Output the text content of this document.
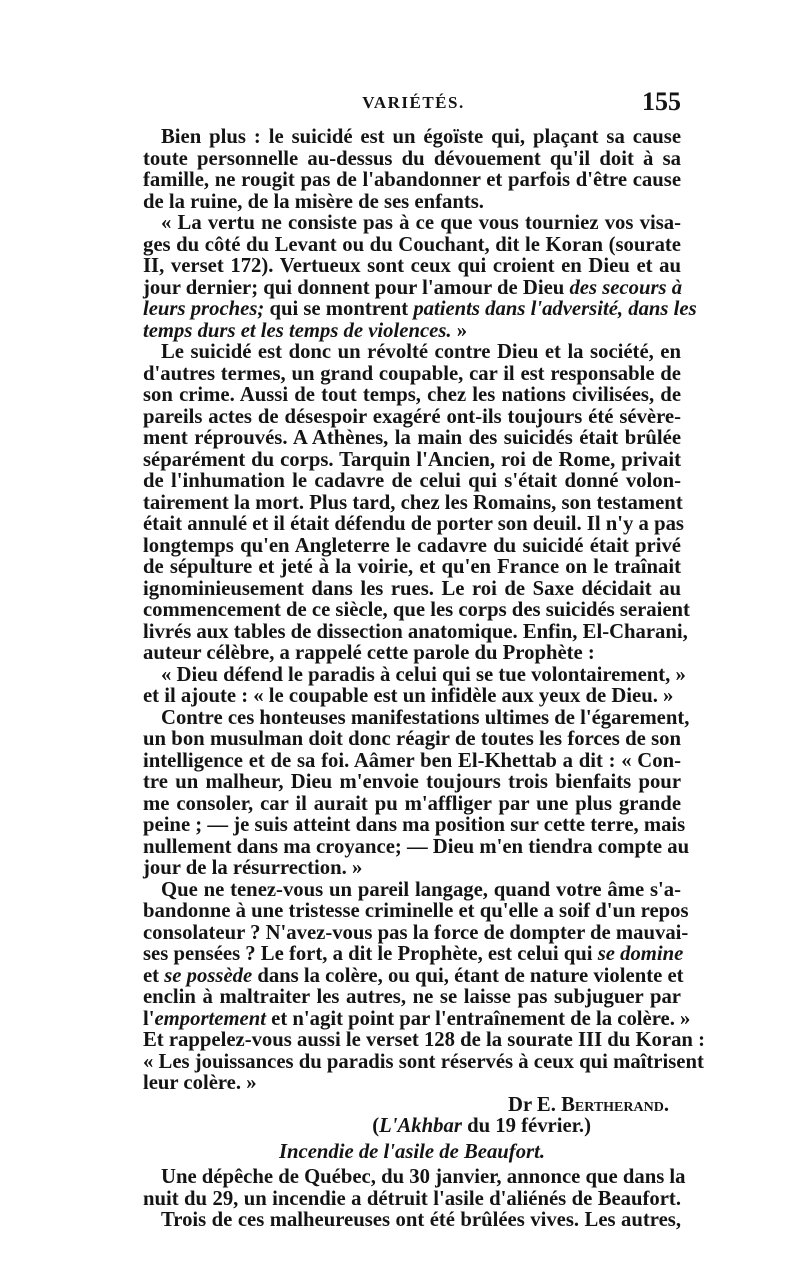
VARIÉTÉS.	155
Bien plus : le suicidé est un égoïste qui, plaçant sa cause
toute personnelle au-dessus du dévouement qu'il doit à sa
famille, ne rougit pas de l'abandonner et parfois d'être cause
de la ruine, de la misère de ses enfants.
« La vertu ne consiste pas à ce que vous tourniez vos visa-
ges du côté du Levant ou du Couchant, dit le Koran (sourate
II, verset 172). Vertueux sont ceux qui croient en Dieu et au
jour dernier; qui donnent pour l'amour de Dieu des secours à
leurs proches; qui se montrent patients dans l'adversité, dans les
temps durs et les temps de violences. »
Le suicidé est donc un révolté contre Dieu et la société, en
d'autres termes, un grand coupable, car il est responsable de
son crime. Aussi de tout temps, chez les nations civilisées, de
pareils actes de désespoir exagéré ont-ils toujours été sévère-
ment réprouvés. A Athènes, la main des suicidés était brûlée
séparément du corps. Tarquin l'Ancien, roi de Rome, privait
de l'inhumation le cadavre de celui qui s'était donné volon-
tairement la mort. Plus tard, chez les Romains, son testament
était annulé et il était défendu de porter son deuil. Il n'y a pas
longtemps qu'en Angleterre le cadavre du suicidé était privé
de sépulture et jeté à la voirie, et qu'en France on le traînait
ignominieusement dans les rues. Le roi de Saxe décidait au
commencement de ce siècle, que les corps des suicidés seraient
livrés aux tables de dissection anatomique. Enfin, El-Charani,
auteur célèbre, a rappelé cette parole du Prophète :
« Dieu défend le paradis à celui qui se tue volontairement, »
et il ajoute : « le coupable est un infidèle aux yeux de Dieu. »
Contre ces honteuses manifestations ultimes de l'égarement,
un bon musulman doit donc réagir de toutes les forces de son
intelligence et de sa foi. Aâmer ben El-Khettab a dit : « Con-
tre un malheur, Dieu m'envoie toujours trois bienfaits pour
me consoler, car il aurait pu m'affliger par une plus grande
peine ; — je suis atteint dans ma position sur cette terre, mais
nullement dans ma croyance; — Dieu m'en tiendra compte au
jour de la résurrection. »
Que ne tenez-vous un pareil langage, quand votre âme s'a-
bandonne à une tristesse criminelle et qu'elle a soif d'un repos
consolateur ? N'avez-vous pas la force de dompter de mauvai-
ses pensées ? Le fort, a dit le Prophète, est celui qui se domine
et se possède dans la colère, ou qui, étant de nature violente et
enclin à maltraiter les autres, ne se laisse pas subjuguer par
l'emportement et n'agit point par l'entraînement de la colère. »
Et rappelez-vous aussi le verset 128 de la sourate III du Koran :
« Les jouissances du paradis sont réservés à ceux qui maîtrisent
leur colère. »
Dr E. Bertherand.
(L'Akhbar du 19 février.)
Incendie de l'asile de Beaufort.
Une dépêche de Québec, du 30 janvier, annonce que dans la
nuit du 29, un incendie a détruit l'asile d'aliénés de Beaufort.
Trois de ces malheureuses ont été brûlées vives. Les autres,
